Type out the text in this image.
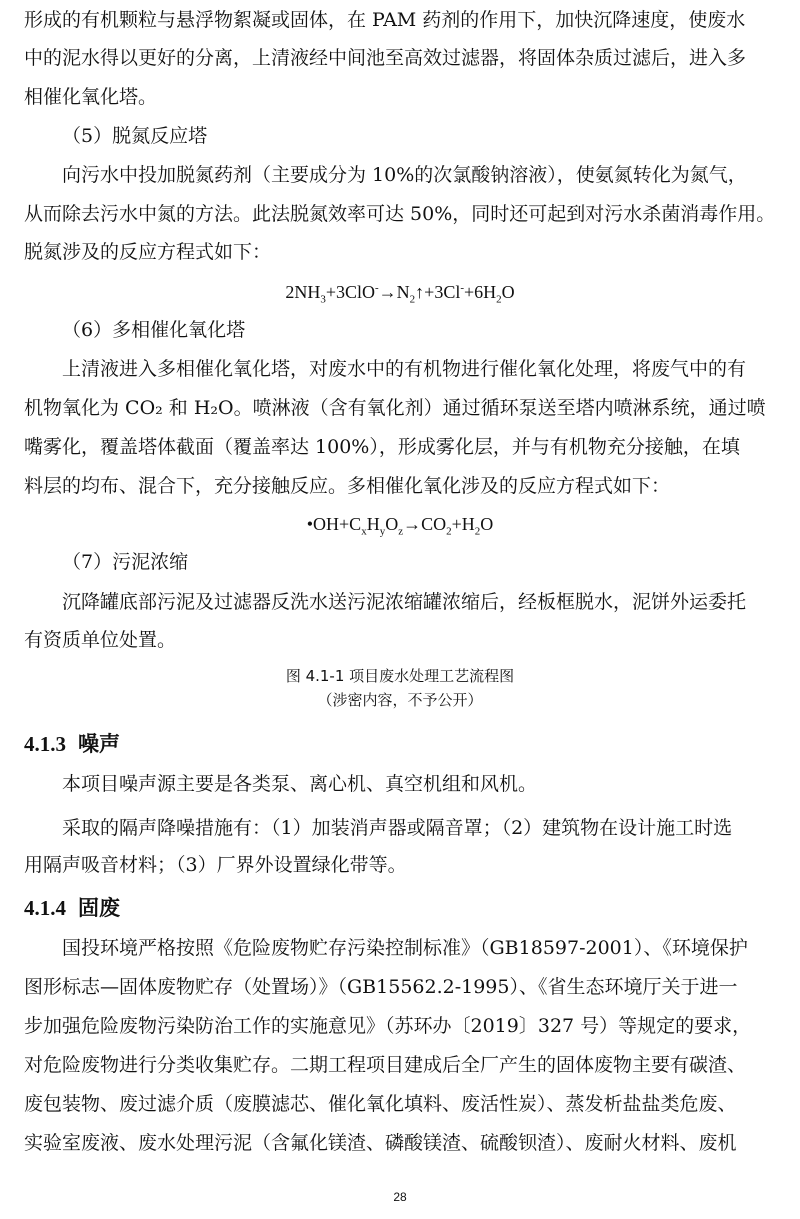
形成的有机颗粒与悬浮物絮凝或固体，在 PAM 药剂的作用下，加快沉降速度，使废水
中的泥水得以更好的分离，上清液经中间池至高效过滤器，将固体杂质过滤后，进入多
相催化氧化塔。
（5）脱氮反应塔
向污水中投加脱氮药剂（主要成分为 10%的次氯酸钠溶液），使氨氮转化为氮气，
从而除去污水中氮的方法。此法脱氮效率可达 50%，同时还可起到对污水杀菌消毒作用。
脱氮涉及的反应方程式如下：
$2NH_3+3ClO^-\to N_2↑+3Cl^-+6H_2O$
（6）多相催化氧化塔
上清液进入多相催化氧化塔，对废水中的有机物进行催化氧化处理，将废气中的有
机物氧化为 CO₂ 和 H₂O。喷淋液（含有氧化剂）通过循环泵送至塔内喷淋系统，通过喷
嘴雾化，覆盖塔体截面（覆盖率达 100%），形成雾化层，并与有机物充分接触，在填
料层的均布、混合下，充分接触反应。多相催化氧化涉及的反应方程式如下：
$•OH+C_xH_yO_z\to CO_2+H_2O$
（7）污泥浓缩
沉降罐底部污泥及过滤器反洗水送污泥浓缩罐浓缩后，经板框脱水，泥饼外运委托
有资质单位处置。
图 4.1-1 项目废水处理工艺流程图
（涉密内容，不予公开）
4.1.3 噪声
本项目噪声源主要是各类泵、离心机、真空机组和风机。
采取的隔声降噪措施有：（1）加装消声器或隔音罩；（2）建筑物在设计施工时选
用隔声吸音材料；（3）厂界外设置绿化带等。
4.1.4 固废
国投环境严格按照《危险废物贮存污染控制标准》（GB18597-2001）、《环境保护
图形标志—固体废物贮存（处置场）》（GB15562.2-1995）、《省生态环境厅关于进一
步加强危险废物污染防治工作的实施意见》（苏环办〔2019〕327 号）等规定的要求，
对危险废物进行分类收集贮存。二期工程项目建成后全厂产生的固体废物主要有碳渣、
废包装物、废过滤介质（废膜滤芯、催化氧化填料、废活性炭）、蒸发析盐盐类危废、
实验室废液、废水处理污泥（含氟化镁渣、磷酸镁渣、硫酸钡渣）、废耐火材料、废机
28
